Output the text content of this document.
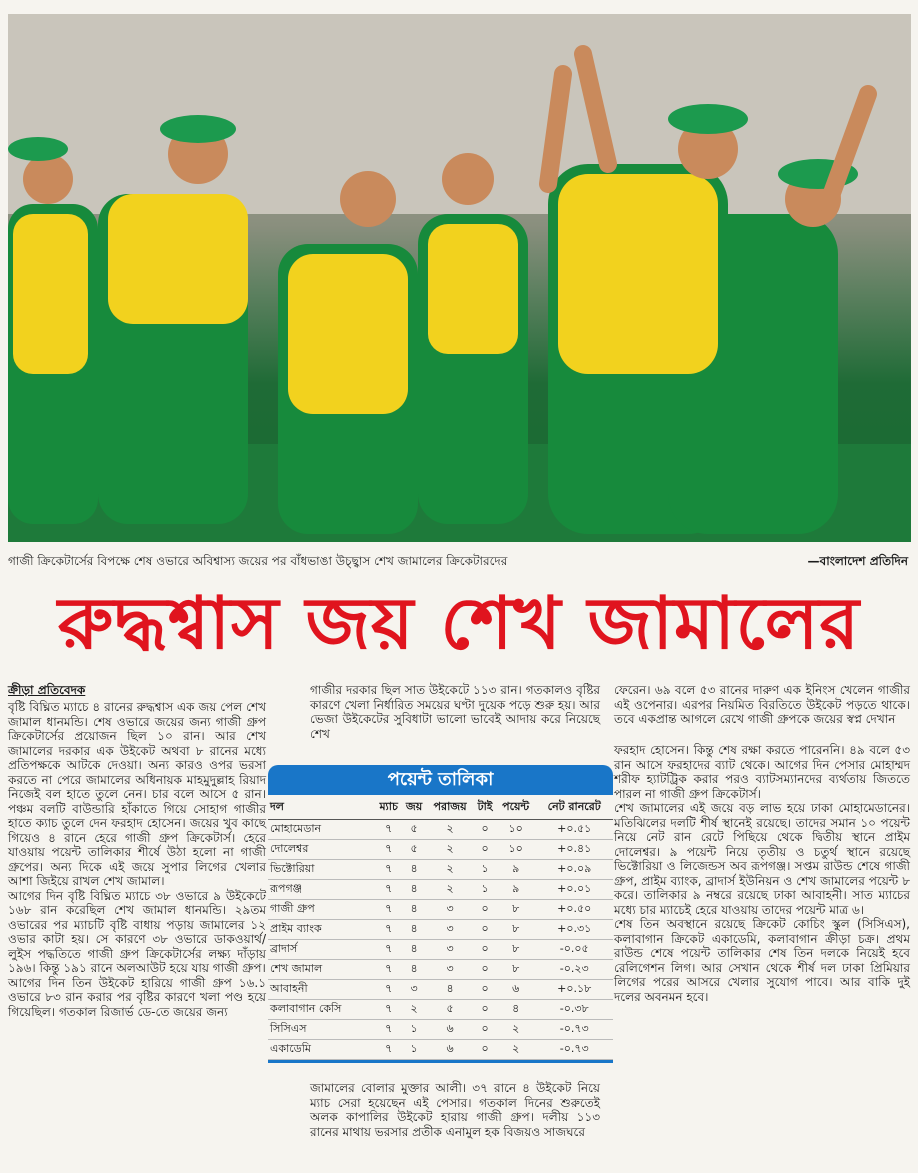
গাজী ক্রিকেটার্সের বিপক্ষে শেষ ওভারে অবিশ্বাস্য জয়ের পর বাঁধভাঙা উচ্ছ্বাস শেখ জামালের ক্রিকেটারদের	—বাংলাদেশ প্রতিদিন
রুদ্ধশ্বাস জয় শেখ জামালের
ক্রীড়া প্রতিবেদক

বৃষ্টি বিঘ্নিত ম্যাচে ৪ রানের রুদ্ধশ্বাস এক জয় পেল শেখ জামাল ধানমন্ডি। শেষ ওভারে জয়ের জন্য গাজী গ্রুপ ক্রিকেটার্সের প্রয়োজন ছিল ১০ রান। আর শেখ জামালের দরকার এক উইকেট অথবা ৮ রানের মধ্যে প্রতিপক্ষকে আটকে দেওয়া। অন্য কারও ওপর ভরসা করতে না পেরে জামালের অধিনায়ক মাহমুদুল্লাহ রিয়াদ নিজেই বল হাতে তুলে নেন। চার বলে আসে ৫ রান। পঞ্চম বলটি বাউন্ডারি হাঁকাতে গিয়ে সোহাগ গাজীর হাতে ক্যাচ তুলে দেন ফরহাদ হোসেন। জয়ের খুব কাছে গিয়েও ৪ রানে হেরে গাজী গ্রুপ ক্রিকেটার্স। হেরে যাওয়ায় পয়েন্ট তালিকার শীর্ষে উঠা হলো না গাজী গ্রুপের। অন্য দিকে এই জয়ে সুপার লিগের খেলার আশা জিইয়ে রাখল শেখ জামাল।

আগের দিন বৃষ্টি বিঘ্নিত ম্যাচে ৩৮ ওভারে ৯ উইকেটে ১৬৮ রান করেছিল শেখ জামাল ধানমন্ডি। ২৯তম ওভারের পর ম্যাচটি বৃষ্টি বাধায় পড়ায় জামালের ১২ ওভার কাটা হয়। সে কারণে ৩৮ ওভারে ডাকওয়ার্থ/লুইস পদ্ধতিতে গাজী গ্রুপ ক্রিকেটার্সের লক্ষ্য দাঁড়ায় ১৯৬। কিন্তু ১৯১ রানে অলআউট হয়ে যায় গাজী গ্রুপ।

আগের দিন তিন উইকেট হারিয়ে গাজী গ্রুপ ১৬.১ ওভারে ৮৩ রান করার পর বৃষ্টির কারণে খলা পণ্ড হয়ে গিয়েছিল। গতকাল রিজার্ভ ডে-তে জয়ের জন্য

গাজীর দরকার ছিল সাত উইকেটে ১১৩ রান। গতকালও বৃষ্টির কারণে খেলা নির্ধারিত সময়ের ঘণ্টা দুয়েক পড়ে শুরু হয়। আর ভেজা উইকেটের সুবিধাটা ভালো ভাবেই আদায় করে নিয়েছে শেখ

পয়েন্ট তালিকা
দল	ম্যাচ	জয়	পরাজয়	টাই	পয়েন্ট	নেট রানরেট
মোহামেডান	৭	৫	২	০	১০	+০.৫১
দোলেশ্বর	৭	৫	২	০	১০	+০.৪১
ভিক্টোরিয়া	৭	৪	২	১	৯	+০.০৯
রূপগঞ্জ	৭	৪	২	১	৯	+০.০১
গাজী গ্রুপ	৭	৪	৩	০	৮	+০.৫০
প্রাইম ব্যাংক	৭	৪	৩	০	৮	+০.৩১
ব্রাদার্স	৭	৪	৩	০	৮	-০.০৫
শেখ জামাল	৭	৪	৩	০	৮	-০.২৩
আবাহনী	৭	৩	৪	০	৬	+০.১৮
কলাবাগান কেসি	৭	২	৫	০	৪	-০.৩৮
সিসিএস	৭	১	৬	০	২	-০.৭৩
একাডেমি	৭	১	৬	০	২	-০.৭৩

জামালের বোলার মুক্তার আলী। ৩৭ রানে ৪ উইকেট নিয়ে ম্যাচ সেরা হয়েছেন এই পেসার। গতকাল দিনের শুরুতেই অলক কাপালির উইকেট হারায় গাজী গ্রুপ। দলীয় ১১৩ রানের মাথায় ভরসার প্রতীক এনামুল হক বিজয়ও সাজঘরে

ফেরেন। ৬৯ বলে ৫৩ রানের দারুণ এক ইনিংস খেলেন গাজীর এই ওপেনার। এরপর নিয়মিত বিরতিতে উইকেট পড়তে থাকে। তবে একপ্রান্ত আগলে রেখে গাজী গ্রুপকে জয়ের স্বপ্ন দেখান

ফরহাদ হোসেন। কিন্তু শেষ রক্ষা করতে পারেননি। ৪৯ বলে ৫৩ রান আসে ফরহাদের ব্যাট থেকে। আগের দিন পেসার মোহাম্মদ শরীফ হ্যাটট্রিক করার পরও ব্যাটসম্যানদের ব্যর্থতায় জিততে পারল না গাজী গ্রুপ ক্রিকেটার্স।

শেখ জামালের এই জয়ে বড় লাভ হয়ে ঢাকা মোহামেডানের। মতিঝিলের দলটি শীর্ষ স্থানেই রয়েছে। তাদের সমান ১০ পয়েন্ট নিয়ে নেট রান রেটে পিছিয়ে থেকে দ্বিতীয় স্থানে প্রাইম দোলেশ্বর। ৯ পয়েন্ট নিয়ে তৃতীয় ও চতুর্থ স্থানে রয়েছে ভিক্টোরিয়া ও লিজেন্ডস অব রূপগঞ্জ। সপ্তম রাউন্ড শেষে গাজী গ্রুপ, প্রাইম ব্যাংক, ব্রাদার্স ইউনিয়ন ও শেখ জামালের পয়েন্ট ৮ করে। তালিকার ৯ নম্বরে রয়েছে ঢাকা আবাহনী। সাত ম্যাচের মধ্যে চার ম্যাচেই হেরে যাওয়ায় তাদের পয়েন্ট মাত্র ৬।

শেষ তিন অবস্থানে রয়েছে ক্রিকেট কোচিং স্কুল (সিসিএস), কলাবাগান ক্রিকেট একাডেমি, কলাবাগান ক্রীড়া চক্র। প্রথম রাউন্ড শেষে পয়েন্ট তালিকার শেষ তিন দলকে নিয়েই হবে রেলিগেশন লিগ। আর সেখান থেকে শীর্ষ দল ঢাকা প্রিমিয়ার লিগের পরের আসরে খেলার সুযোগ পাবে। আর বাকি দুই দলের অবনমন হবে।
